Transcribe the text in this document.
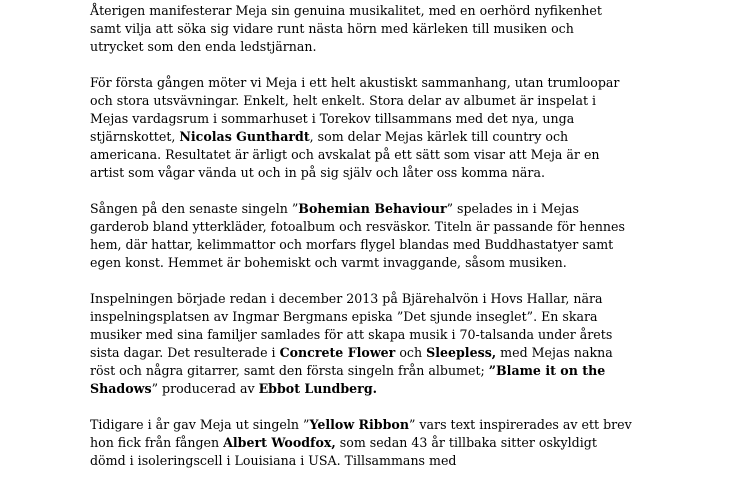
Återigen manifesterar Meja sin genuina musikalitet, med en oerhörd nyfikenhet
samt vilja att söka sig vidare runt nästa hörn med kärleken till musiken och
utrycket som den enda ledstjärnan.
För första gången möter vi Meja i ett helt akustiskt sammanhang, utan trumloopar
och stora utsvävningar. Enkelt, helt enkelt. Stora delar av albumet är inspelat i
Mejas vardagsrum i sommarhuset i Torekov tillsammans med det nya, unga
stjärnskottet, Nicolas Gunthardt, som delar Mejas kärlek till country och
americana. Resultatet är ärligt och avskalat på ett sätt som visar att Meja är en
artist som vågar vända ut och in på sig själv och låter oss komma nära.
Sången på den senaste singeln ”Bohemian Behaviour” spelades in i Mejas
garderob bland ytterkläder, fotoalbum och resväskor. Titeln är passande för hennes
hem, där hattar, kelimmattor och morfars flygel blandas med Buddhastatyer samt
egen konst. Hemmet är bohemiskt och varmt invaggande, såsom musiken.
Inspelningen började redan i december 2013 på Bjärehalvön i Hovs Hallar, nära
inspelningsplatsen av Ingmar Bergmans episka ”Det sjunde inseglet”. En skara
musiker med sina familjer samlades för att skapa musik i 70-talsanda under årets
sista dagar. Det resulterade i Concrete Flower och Sleepless, med Mejas nakna
röst och några gitarrer, samt den första singeln från albumet; ”Blame it on the
Shadows” producerad av Ebbot Lundberg.
Tidigare i år gav Meja ut singeln ”Yellow Ribbon” vars text inspirerades av ett brev
hon fick från fången Albert Woodfox, som sedan 43 år tillbaka sitter oskyldigt
dömd i isoleringscell i Louisiana i USA. Tillsammans med
